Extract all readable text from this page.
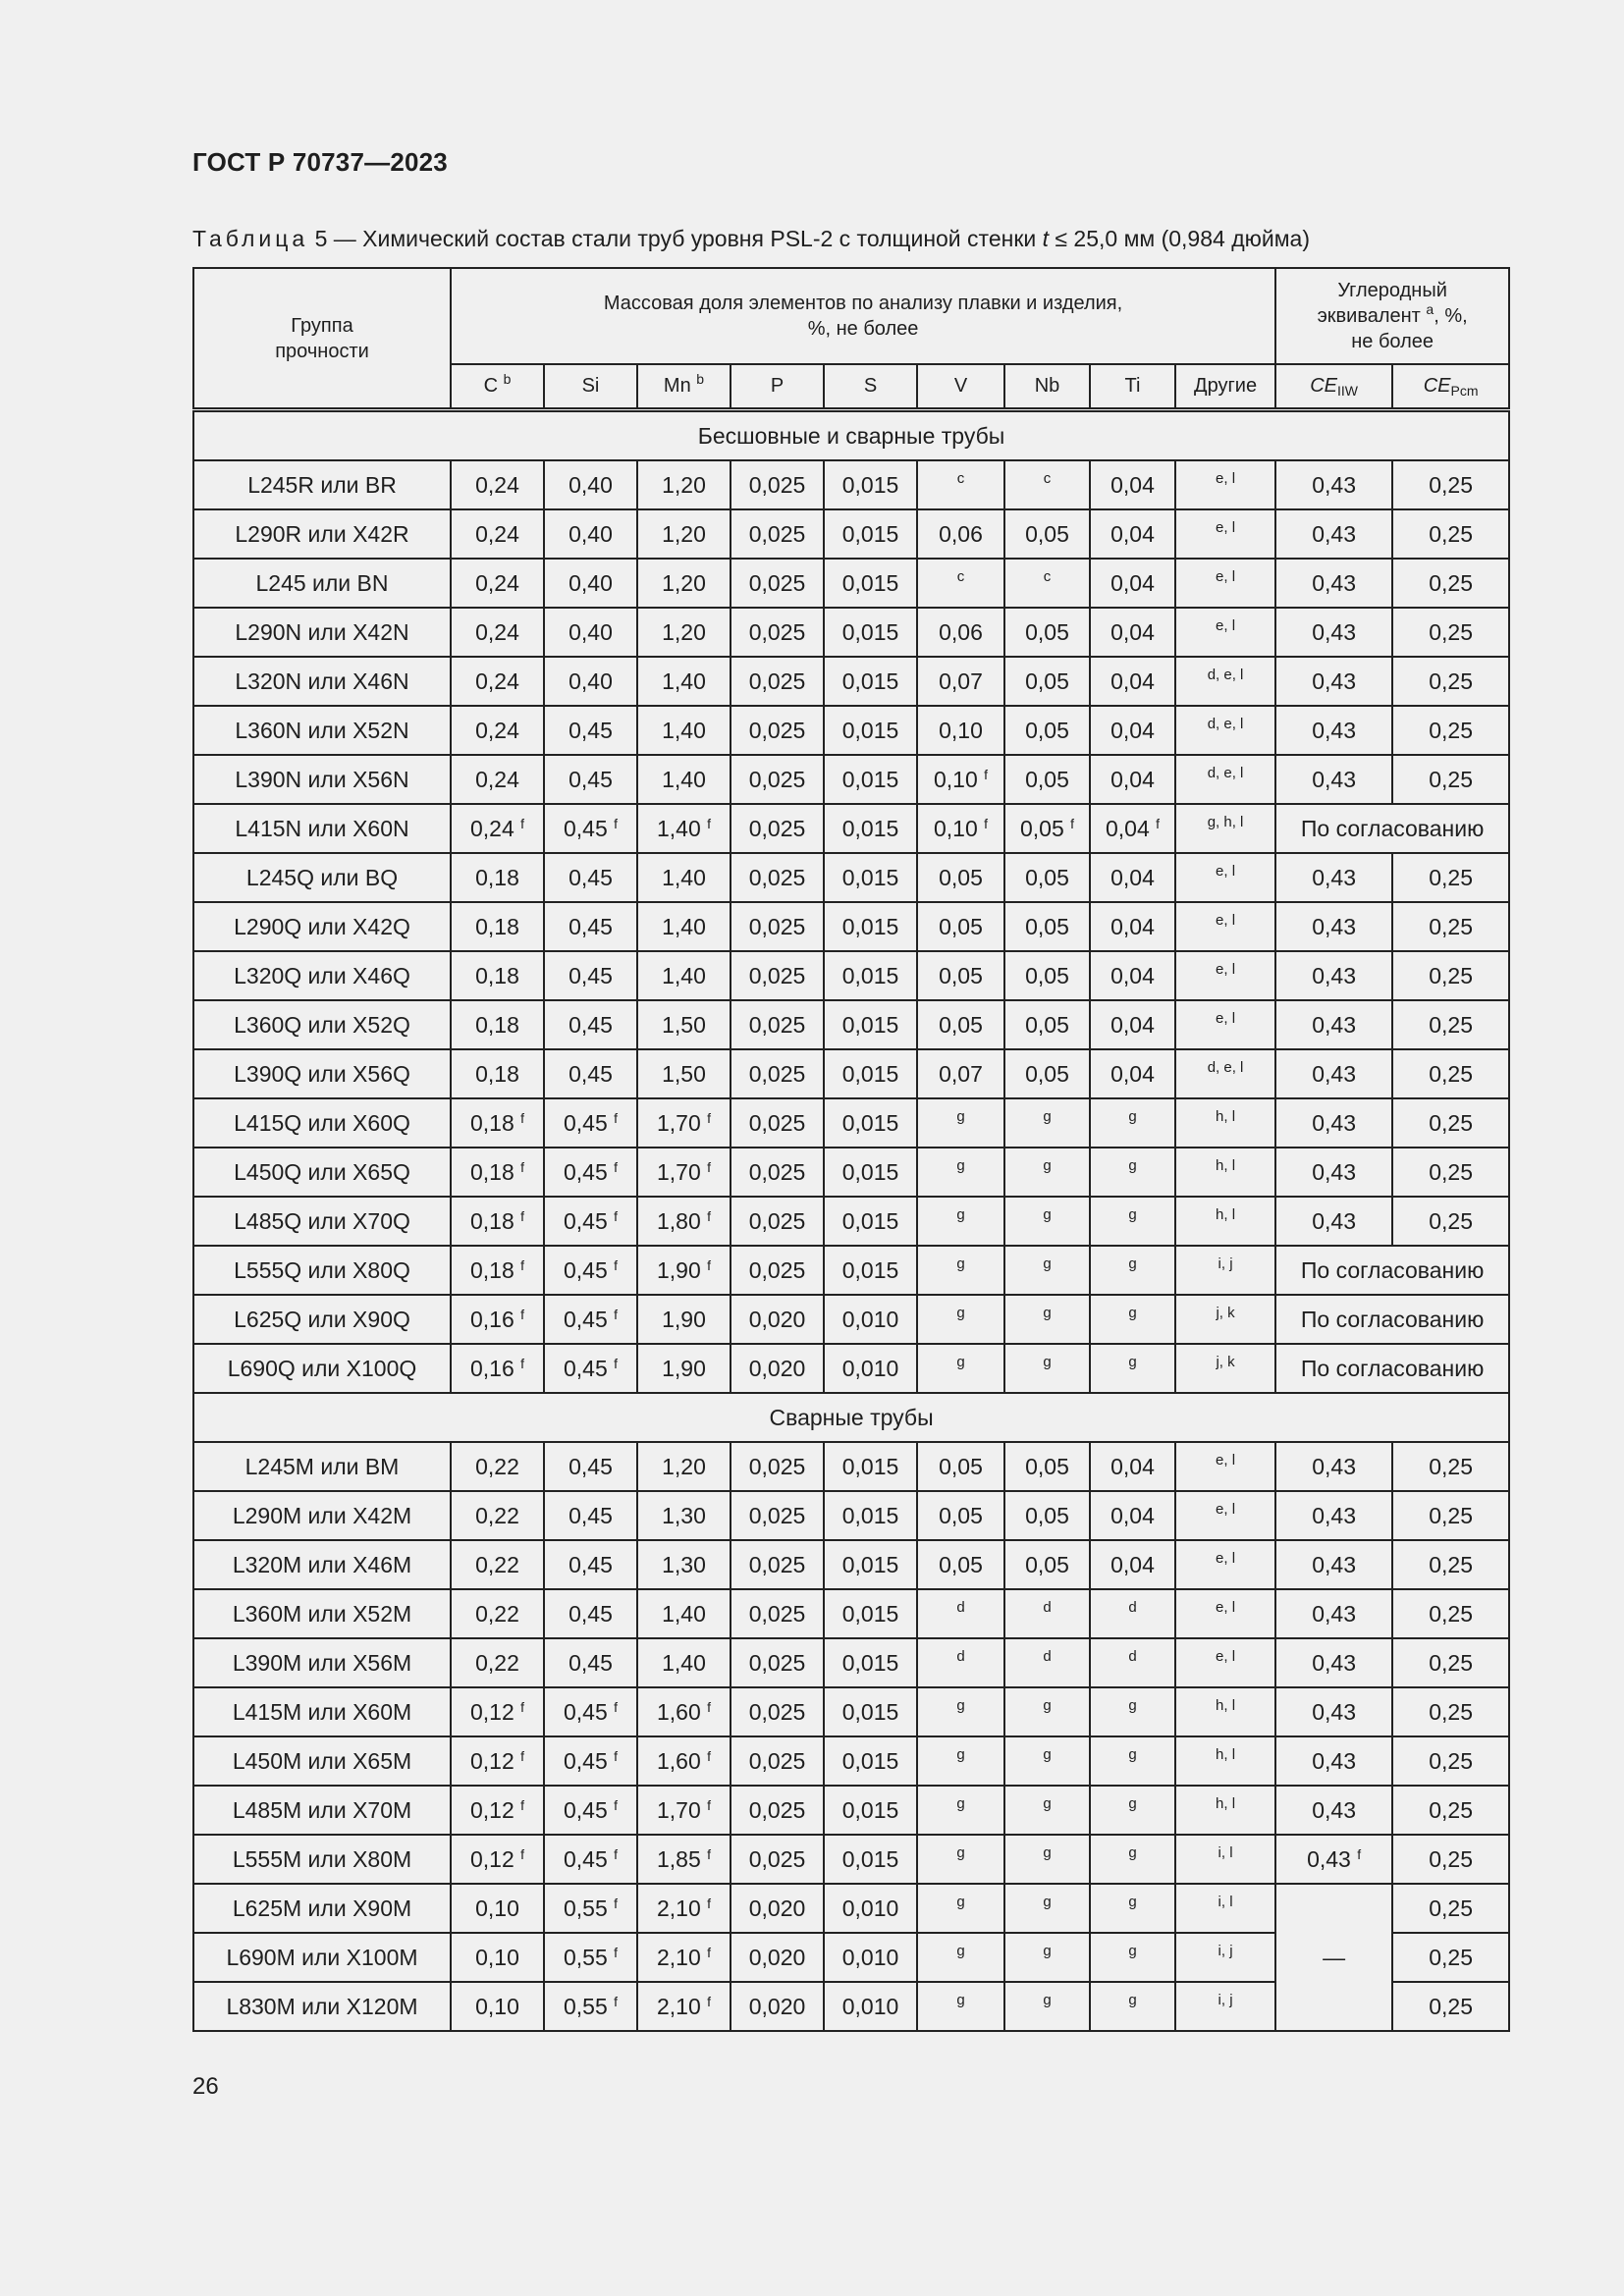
ГОСТ Р 70737—2023
Таблица 5 — Химический состав стали труб уровня PSL-2 с толщиной стенки t ≤ 25,0 мм (0,984 дюйма)
Группа прочности	Массовая доля элементов по анализу плавки и изделия,
%, не более									Углеродный
эквивалент $^a$, %,
не более	
	C $^b$	Si	Mn $^b$	P	S	V	Nb	Ti	Другие	$CE_{IIW}$	$CE_{Pcm}$
Бесшовные и сварные трубы											
L245R или BR	0,24	0,40	1,20	0,025	0,015	$^c$	$^c$	0,04	$^{e, l}$	0,43	0,25
L290R или X42R	0,24	0,40	1,20	0,025	0,015	0,06	0,05	0,04	$^{e, l}$	0,43	0,25
L245 или BN	0,24	0,40	1,20	0,025	0,015	$^c$	$^c$	0,04	$^{e, l}$	0,43	0,25
L290N или X42N	0,24	0,40	1,20	0,025	0,015	0,06	0,05	0,04	$^{e, l}$	0,43	0,25
L320N или X46N	0,24	0,40	1,40	0,025	0,015	0,07	0,05	0,04	$^{d, e, l}$	0,43	0,25
L360N или X52N	0,24	0,45	1,40	0,025	0,015	0,10	0,05	0,04	$^{d, e, l}$	0,43	0,25
L390N или X56N	0,24	0,45	1,40	0,025	0,015	0,10 $^f$	0,05	0,04	$^{d, e, l}$	0,43	0,25
L415N или X60N	0,24 $^f$	0,45 $^f$	1,40 $^f$	0,025	0,015	0,10 $^f$	0,05 $^f$	0,04 $^f$	$^{g, h, l}$	По согласованию	
L245Q или BQ	0,18	0,45	1,40	0,025	0,015	0,05	0,05	0,04	$^{e, l}$	0,43	0,25
L290Q или X42Q	0,18	0,45	1,40	0,025	0,015	0,05	0,05	0,04	$^{e, l}$	0,43	0,25
L320Q или X46Q	0,18	0,45	1,40	0,025	0,015	0,05	0,05	0,04	$^{e, l}$	0,43	0,25
L360Q или X52Q	0,18	0,45	1,50	0,025	0,015	0,05	0,05	0,04	$^{e, l}$	0,43	0,25
L390Q или X56Q	0,18	0,45	1,50	0,025	0,015	0,07	0,05	0,04	$^{d, e, l}$	0,43	0,25
L415Q или X60Q	0,18 $^f$	0,45 $^f$	1,70 $^f$	0,025	0,015	$^g$	$^g$	$^g$	$^{h, l}$	0,43	0,25
L450Q или X65Q	0,18 $^f$	0,45 $^f$	1,70 $^f$	0,025	0,015	$^g$	$^g$	$^g$	$^{h, l}$	0,43	0,25
L485Q или X70Q	0,18 $^f$	0,45 $^f$	1,80 $^f$	0,025	0,015	$^g$	$^g$	$^g$	$^{h, l}$	0,43	0,25
L555Q или X80Q	0,18 $^f$	0,45 $^f$	1,90 $^f$	0,025	0,015	$^g$	$^g$	$^g$	$^{i, j}$	По согласованию	
L625Q или X90Q	0,16 $^f$	0,45 $^f$	1,90	0,020	0,010	$^g$	$^g$	$^g$	$^{j, k}$	По согласованию	
L690Q или X100Q	0,16 $^f$	0,45 $^f$	1,90	0,020	0,010	$^g$	$^g$	$^g$	$^{j, k}$	По согласованию	
Сварные трубы											
L245M или BM	0,22	0,45	1,20	0,025	0,015	0,05	0,05	0,04	$^{e, l}$	0,43	0,25
L290M или X42M	0,22	0,45	1,30	0,025	0,015	0,05	0,05	0,04	$^{e, l}$	0,43	0,25
L320M или X46M	0,22	0,45	1,30	0,025	0,015	0,05	0,05	0,04	$^{e, l}$	0,43	0,25
L360M или X52M	0,22	0,45	1,40	0,025	0,015	$^d$	$^d$	$^d$	$^{e, l}$	0,43	0,25
L390M или X56M	0,22	0,45	1,40	0,025	0,015	$^d$	$^d$	$^d$	$^{e, l}$	0,43	0,25
L415M или X60M	0,12 $^f$	0,45 $^f$	1,60 $^f$	0,025	0,015	$^g$	$^g$	$^g$	$^{h, l}$	0,43	0,25
L450M или X65M	0,12 $^f$	0,45 $^f$	1,60 $^f$	0,025	0,015	$^g$	$^g$	$^g$	$^{h, l}$	0,43	0,25
L485M или X70M	0,12 $^f$	0,45 $^f$	1,70 $^f$	0,025	0,015	$^g$	$^g$	$^g$	$^{h, l}$	0,43	0,25
L555M или X80M	0,12 $^f$	0,45 $^f$	1,85 $^f$	0,025	0,015	$^g$	$^g$	$^g$	$^{i, l}$	0,43 $^f$	0,25
L625M или X90M	0,10	0,55 $^f$	2,10 $^f$	0,020	0,010	$^g$	$^g$	$^g$	$^{i, l}$	—	0,25
L690M или X100M	0,10	0,55 $^f$	2,10 $^f$	0,020	0,010	$^g$	$^g$	$^g$	$^{i, j}$		0,25
L830M или X120M	0,10	0,55 $^f$	2,10 $^f$	0,020	0,010	$^g$	$^g$	$^g$	$^{i, j}$		0,25
26
